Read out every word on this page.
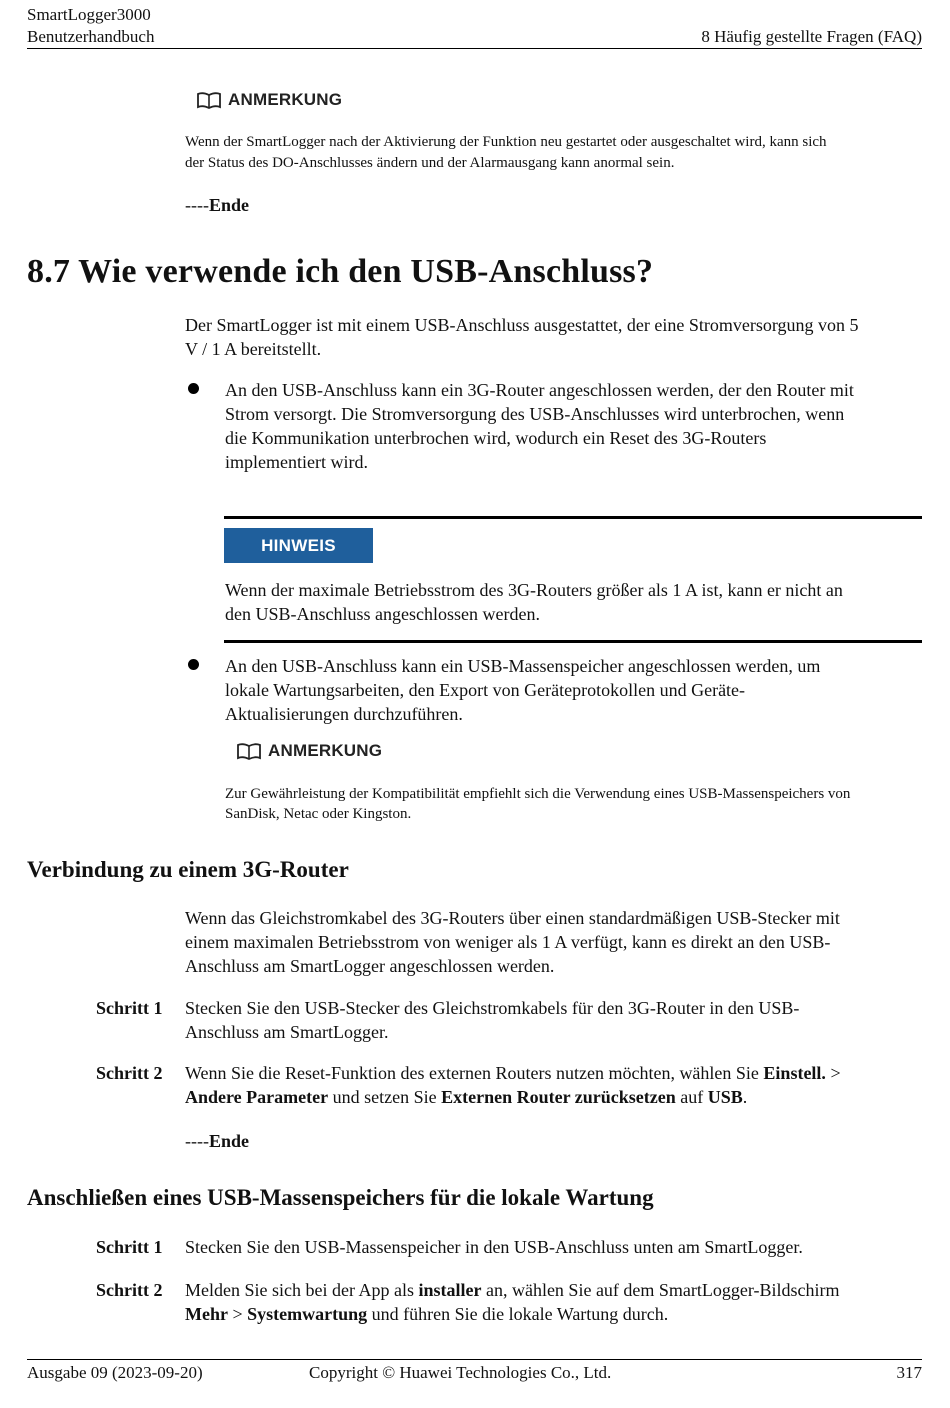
SmartLogger3000
Benutzerhandbuch	8 Häufig gestellte Fragen (FAQ)
ANMERKUNG
Wenn der SmartLogger nach der Aktivierung der Funktion neu gestartet oder ausgeschaltet wird, kann sich
der Status des DO-Anschlusses ändern und der Alarmausgang kann anormal sein.
----Ende
8.7 Wie verwende ich den USB-Anschluss?
Der SmartLogger ist mit einem USB-Anschluss ausgestattet, der eine Stromversorgung von 5
V / 1 A bereitstellt.
An den USB-Anschluss kann ein 3G-Router angeschlossen werden, der den Router mit
Strom versorgt. Die Stromversorgung des USB-Anschlusses wird unterbrochen, wenn
die Kommunikation unterbrochen wird, wodurch ein Reset des 3G-Routers
implementiert wird.
HINWEIS
Wenn der maximale Betriebsstrom des 3G-Routers größer als 1 A ist, kann er nicht an
den USB-Anschluss angeschlossen werden.
An den USB-Anschluss kann ein USB-Massenspeicher angeschlossen werden, um
lokale Wartungsarbeiten, den Export von Geräteprotokollen und Geräte-
Aktualisierungen durchzuführen.
ANMERKUNG
Zur Gewährleistung der Kompatibilität empfiehlt sich die Verwendung eines USB-Massenspeichers von
SanDisk, Netac oder Kingston.
Verbindung zu einem 3G-Router
Wenn das Gleichstromkabel des 3G-Routers über einen standardmäßigen USB-Stecker mit
einem maximalen Betriebsstrom von weniger als 1 A verfügt, kann es direkt an den USB-
Anschluss am SmartLogger angeschlossen werden.
Schritt 1 Stecken Sie den USB-Stecker des Gleichstromkabels für den 3G-Router in den USB-
Anschluss am SmartLogger.
Schritt 2 Wenn Sie die Reset-Funktion des externen Routers nutzen möchten, wählen Sie Einstell. >
Andere Parameter und setzen Sie Externen Router zurücksetzen auf USB.
----Ende
Anschließen eines USB-Massenspeichers für die lokale Wartung
Schritt 1 Stecken Sie den USB-Massenspeicher in den USB-Anschluss unten am SmartLogger.
Schritt 2 Melden Sie sich bei der App als installer an, wählen Sie auf dem SmartLogger-Bildschirm
Mehr > Systemwartung und führen Sie die lokale Wartung durch.
Ausgabe 09 (2023-09-20)	Copyright © Huawei Technologies Co., Ltd.	317
